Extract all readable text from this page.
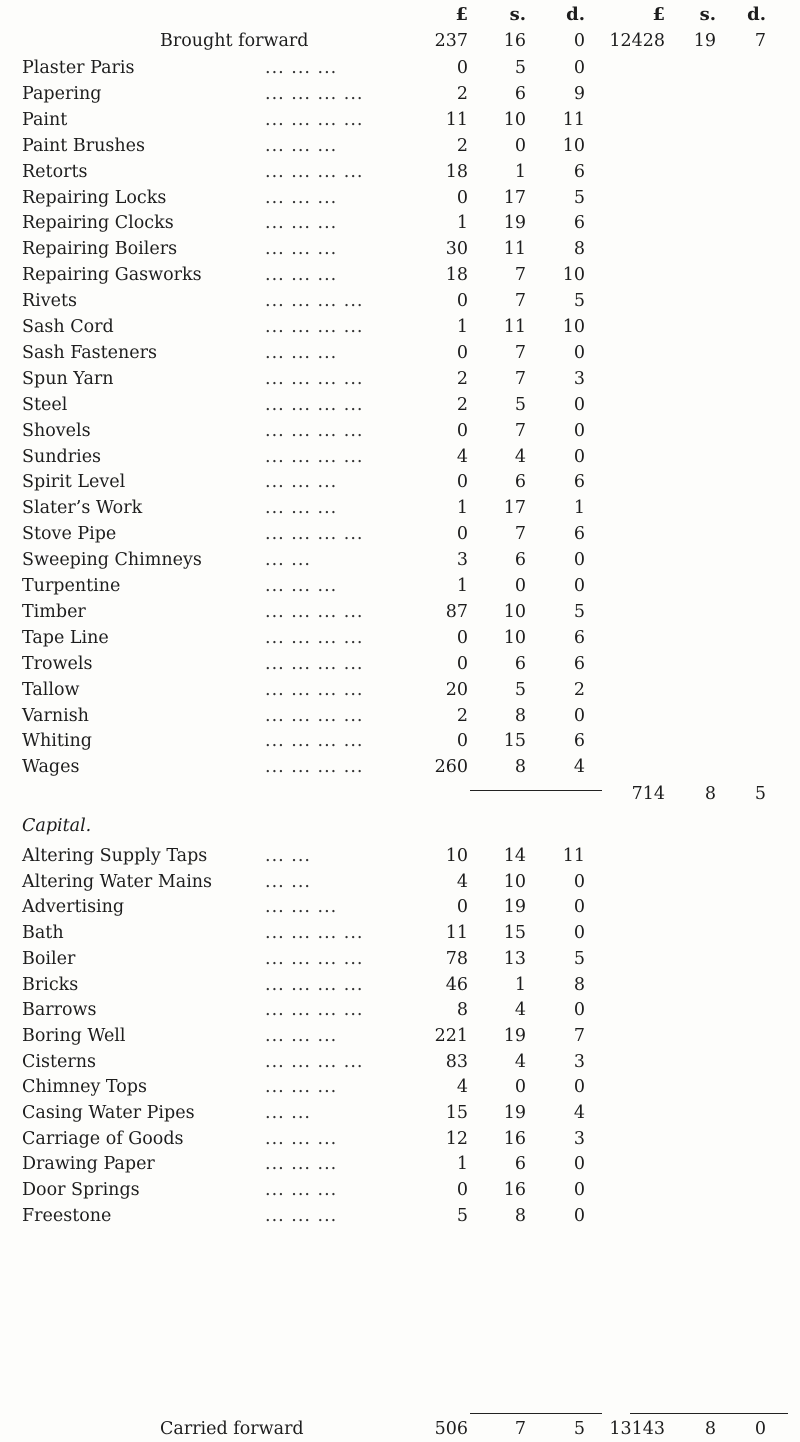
£ s. d.	£ s. d.
Brought forward	237 16	0 12428 19 7
Plaster Paris	... ... ...	0	5	0
Papering	... ... ... ...	2	6	9
Paint	... ... ... ...	11 10 11
Paint Brushes	... ... ...	2	0 10
Retorts	... ... ... ...	18	1	6
Repairing Locks	... ... ...	0 17	5
Repairing Clocks	... ... ...	1 19	6
Repairing Boilers	... ... ...	30 11	8
Repairing Gasworks	... ... ...	18	7 10
Rivets	... ... ... ...	0	7	5
Sash Cord	... ... ... ...	1 11 10
Sash Fasteners	... ... ...	0	7	0
Spun Yarn	... ... ... ...	2	7	3
Steel	... ... ... ...	2	5	0
Shovels	... ... ... ...	0	7	0
Sundries	... ... ... ...	4	4	0
Spirit Level	... ... ...	0	6	6
Slater’s Work	... ... ...	1 17	1
Stove Pipe	... ... ... ...	0	7	6
Sweeping Chimneys	... ...	3	6	0
Turpentine	... ... ...	1	0	0
Timber	... ... ... ...	87 10	5
Tape Line	... ... ... ...	0 10	6
Trowels	... ... ... ...	0	6	6
Tallow	... ... ... ...	20	5	2
Varnish	... ... ... ...	2	8	0
Whiting	... ... ... ...	0 15	6
Wages	... ... ... ...	260	8	4
714 8 5
Capital.
Altering Supply Taps	... ...	10 14 11
Altering Water Mains	... ...	4 10	0
Advertising	... ... ...	0 19	0
Bath	... ... ... ...	11 15	0
Boiler	... ... ... ...	78 13	5
Bricks	... ... ... ...	46	1	8
Barrows	... ... ... ...	8	4	0
Boring Well	... ... ...	221 19	7
Cisterns	... ... ... ...	83	4	3
Chimney Tops	... ... ...	4	0	0
Casing Water Pipes	... ...	15 19	4
Carriage of Goods	... ... ...	12 16	3
Drawing Paper	... ... ...	1	6	0
Door Springs	... ... ...	0 16	0
Freestone	... ... ...	5	8	0
Carried forward	506	7	5 13143 8 0
